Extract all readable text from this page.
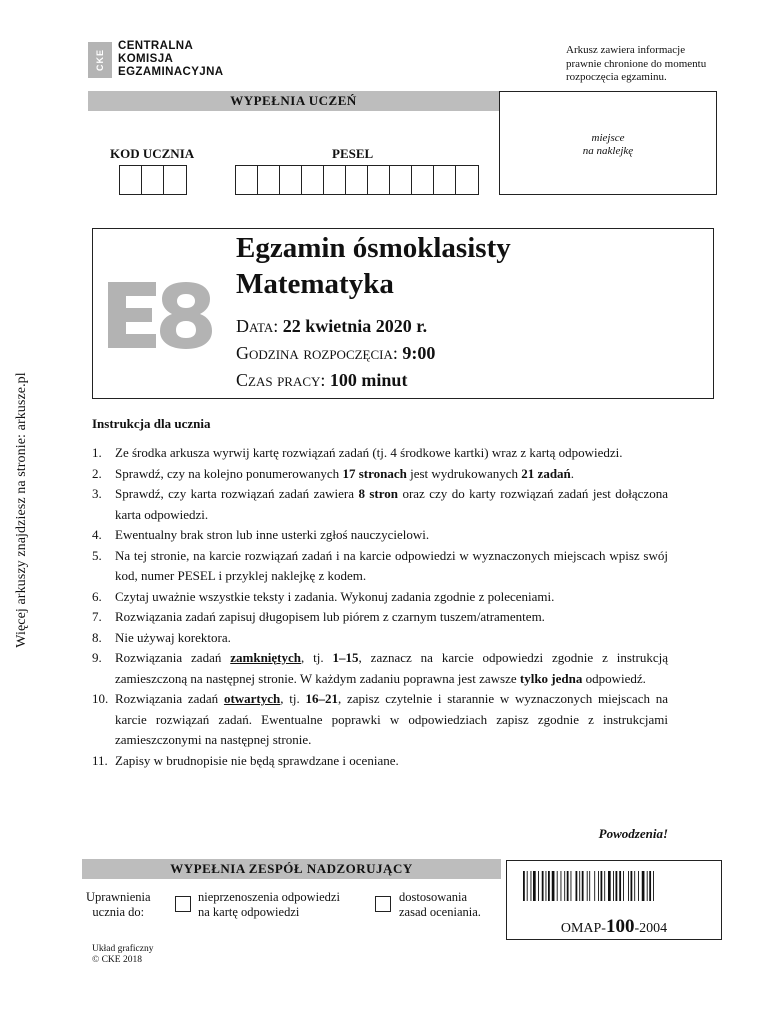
Więcej arkuszy znajdziesz na stronie: arkusze.pl
CKE
CENTRALNA
KOMISJA
EGZAMINACYJNA
Arkusz zawiera informacje
prawnie chronione do momentu
rozpoczęcia egzaminu.
WYPEŁNIA UCZEŃ
miejsce
na naklejkę
KOD UCZNIA	PESEL
Egzamin ósmoklasisty
Matematyka
Data: 22 kwietnia 2020 r.
Godzina rozpoczęcia: 9:00
Czas pracy: 100 minut
Instrukcja dla ucznia
1. Ze środka arkusza wyrwij kartę rozwiązań zadań (tj. 4 środkowe kartki) wraz z kartą odpowiedzi.
2. Sprawdź, czy na kolejno ponumerowanych 17 stronach jest wydrukowanych 21 zadań.
3. Sprawdź, czy karta rozwiązań zadań zawiera 8 stron oraz czy do karty rozwiązań zadań jest dołączona karta odpowiedzi.
4. Ewentualny brak stron lub inne usterki zgłoś nauczycielowi.
5. Na tej stronie, na karcie rozwiązań zadań i na karcie odpowiedzi w wyznaczonych miejscach wpisz swój kod, numer PESEL i przyklej naklejkę z kodem.
6. Czytaj uważnie wszystkie teksty i zadania. Wykonuj zadania zgodnie z poleceniami.
7. Rozwiązania zadań zapisuj długopisem lub piórem z czarnym tuszem/atramentem.
8. Nie używaj korektora.
9. Rozwiązania zadań zamkniętych, tj. 1–15, zaznacz na karcie odpowiedzi zgodnie z instrukcją zamieszczoną na następnej stronie. W każdym zadaniu poprawna jest zawsze tylko jedna odpowiedź.
10. Rozwiązania zadań otwartych, tj. 16–21, zapisz czytelnie i starannie w wyznaczonych miejscach na karcie rozwiązań zadań. Ewentualne poprawki w odpowiedziach zapisz zgodnie z instrukcjami zamieszczonymi na następnej stronie.
11. Zapisy w brudnopisie nie będą sprawdzane i oceniane.
Powodzenia!
WYPEŁNIA ZESPÓŁ NADZORUJĄCY
Uprawnienia
ucznia do:
nieprzenoszenia odpowiedzi
na kartę odpowiedzi
dostosowania
zasad oceniania.
OMAP-100-2004
Układ graficzny
© CKE 2018
